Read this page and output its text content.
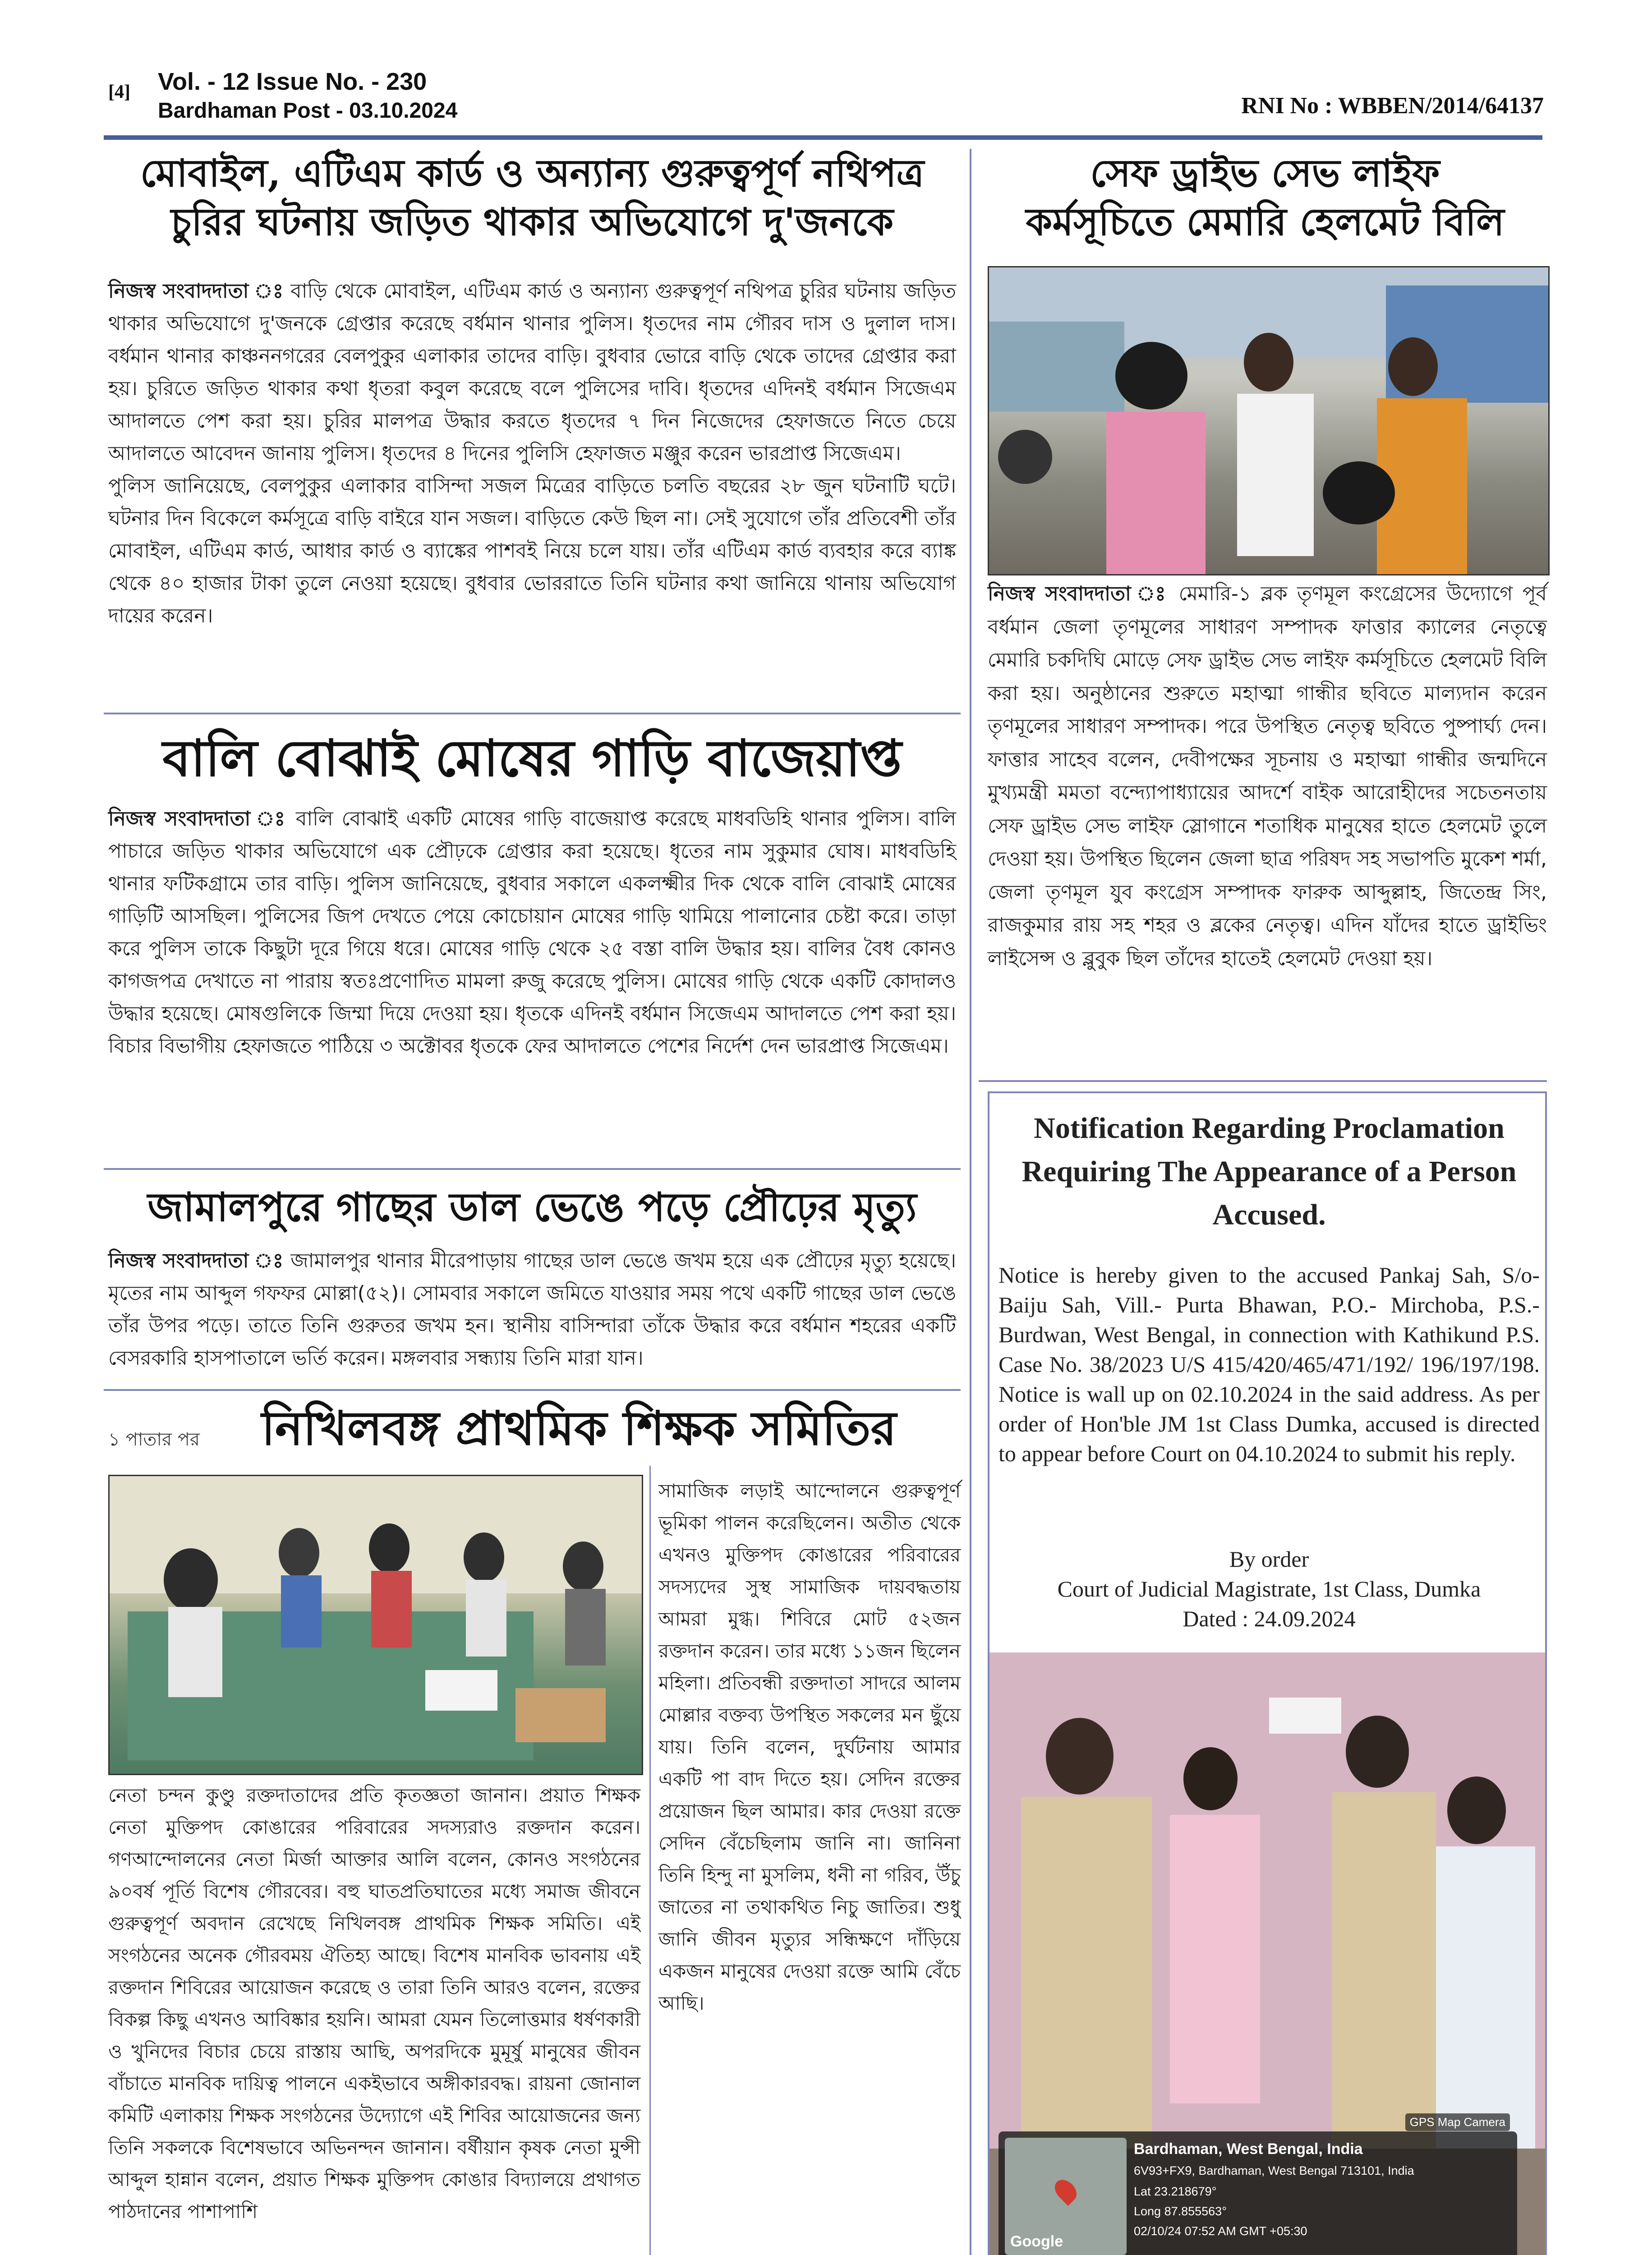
[4] Vol. - 12 Issue No. - 230
Bardhaman Post - 03.10.2024	RNI No : WBBEN/2014/64137
মোবাইল, এটিএম কার্ড ও অন্যান্য গুরুত্বপূর্ণ নথিপত্র
চুরির ঘটনায় জড়িত থাকার অভিযোগে দু'জনকে

নিজস্ব সংবাদদাতা ঃ বাড়ি থেকে মোবাইল, এটিএম কার্ড ও অন্যান্য গুরুত্বপূর্ণ নথিপত্র চুরির ঘটনায় জড়িত থাকার অভিযোগে দু'জনকে গ্রেপ্তার করেছে বর্ধমান থানার পুলিস। ধৃতদের নাম গৌরব দাস ও দুলাল দাস। বর্ধমান থানার কাঞ্চননগরের বেলপুকুর এলাকার তাদের বাড়ি। বুধবার ভোরে বাড়ি থেকে তাদের গ্রেপ্তার করা হয়। চুরিতে জড়িত থাকার কথা ধৃতরা কবুল করেছে বলে পুলিসের দাবি। ধৃতদের এদিনই বর্ধমান সিজেএম আদালতে পেশ করা হয়। চুরির মালপত্র উদ্ধার করতে ধৃতদের ৭ দিন নিজেদের হেফাজতে নিতে চেয়ে আদালতে আবেদন জানায় পুলিস। ধৃতদের ৪ দিনের পুলিসি হেফাজত মঞ্জুর করেন ভারপ্রাপ্ত সিজেএম।

পুলিস জানিয়েছে, বেলপুকুর এলাকার বাসিন্দা সজল মিত্রের বাড়িতে চলতি বছরের ২৮ জুন ঘটনাটি ঘটে। ঘটনার দিন বিকেলে কর্মসূত্রে বাড়ি বাইরে যান সজল। বাড়িতে কেউ ছিল না। সেই সুযোগে তাঁর প্রতিবেশী তাঁর মোবাইল, এটিএম কার্ড, আধার কার্ড ও ব্যাঙ্কের পাশবই নিয়ে চলে যায়। তাঁর এটিএম কার্ড ব্যবহার করে ব্যাঙ্ক থেকে ৪০ হাজার টাকা তুলে নেওয়া হয়েছে। বুধবার ভোররাতে তিনি ঘটনার কথা জানিয়ে থানায় অভিযোগ দায়ের করেন।

বালি বোঝাই মোষের গাড়ি বাজেয়াপ্ত

নিজস্ব সংবাদদাতা ঃ বালি বোঝাই একটি মোষের গাড়ি বাজেয়াপ্ত করেছে মাধবডিহি থানার পুলিস। বালি পাচারে জড়িত থাকার অভিযোগে এক প্রৌঢ়কে গ্রেপ্তার করা হয়েছে। ধৃতের নাম সুকুমার ঘোষ। মাধবডিহি থানার ফটিকগ্রামে তার বাড়ি। পুলিস জানিয়েছে, বুধবার সকালে একলক্ষ্মীর দিক থেকে বালি বোঝাই মোষের গাড়িটি আসছিল। পুলিসের জিপ দেখতে পেয়ে কোচোয়ান মোষের গাড়ি থামিয়ে পালানোর চেষ্টা করে। তাড়া করে পুলিস তাকে কিছুটা দূরে গিয়ে ধরে। মোষের গাড়ি থেকে ২৫ বস্তা বালি উদ্ধার হয়। বালির বৈধ কোনও কাগজপত্র দেখাতে না পারায় স্বতঃপ্রণোদিত মামলা রুজু করেছে পুলিস। মোষের গাড়ি থেকে একটি কোদালও উদ্ধার হয়েছে। মোষগুলিকে জিম্মা দিয়ে দেওয়া হয়। ধৃতকে এদিনই বর্ধমান সিজেএম আদালতে পেশ করা হয়। বিচার বিভাগীয় হেফাজতে পাঠিয়ে ৩ অক্টোবর ধৃতকে ফের আদালতে পেশের নির্দেশ দেন ভারপ্রাপ্ত সিজেএম।

জামালপুরে গাছের ডাল ভেঙে পড়ে প্রৌঢ়ের মৃত্যু

নিজস্ব সংবাদদাতা ঃ জামালপুর থানার মীরেপাড়ায় গাছের ডাল ভেঙে জখম হয়ে এক প্রৌঢ়ের মৃত্যু হয়েছে। মৃতের নাম আব্দুল গফফর মোল্লা(৫২)। সোমবার সকালে জমিতে যাওয়ার সময় পথে একটি গাছের ডাল ভেঙে তাঁর উপর পড়ে। তাতে তিনি গুরুতর জখম হন। স্থানীয় বাসিন্দারা তাঁকে উদ্ধার করে বর্ধমান শহরের একটি বেসরকারি হাসপাতালে ভর্তি করেন। মঙ্গলবার সন্ধ্যায় তিনি মারা যান।

১ পাতার পর নিখিলবঙ্গ প্রাথমিক শিক্ষক সমিতির
নেতা চন্দন কুণ্ডু রক্তদাতাদের প্রতি কৃতজ্ঞতা জানান। প্রয়াত শিক্ষক নেতা মুক্তিপদ কোঙারের পরিবারের সদস্যরাও রক্তদান করেন। গণআন্দোলনের নেতা মির্জা আক্তার আলি বলেন, কোনও সংগঠনের ৯০বর্ষ পূর্তি বিশেষ গৌরবের। বহু ঘাতপ্রতিঘাতের মধ্যে সমাজ জীবনে গুরুত্বপূর্ণ অবদান রেখেছে নিখিলবঙ্গ প্রাথমিক শিক্ষক সমিতি। এই সংগঠনের অনেক গৌরবময় ঐতিহ্য আছে। বিশেষ মানবিক ভাবনায় এই রক্তদান শিবিরের আয়োজন করেছে ও তারা তিনি আরও বলেন, রক্তের বিকল্প কিছু এখনও আবিষ্কার হয়নি। আমরা যেমন তিলোত্তমার ধর্ষণকারী ও খুনিদের বিচার চেয়ে রাস্তায় আছি, অপরদিকে মুমূর্ষু মানুষের জীবন বাঁচাতে মানবিক দায়িত্ব পালনে একইভাবে অঙ্গীকারবদ্ধ। রায়না জোনাল কমিটি এলাকায় শিক্ষক সংগঠনের উদ্যোগে এই শিবির আয়োজনের জন্য তিনি সকলকে বিশেষভাবে অভিনন্দন জানান। বর্ষীয়ান কৃষক নেতা মুন্সী আব্দুল হান্নান বলেন, প্রয়াত শিক্ষক মুক্তিপদ কোঙার বিদ্যালয়ে প্রথাগত পাঠদানের পাশাপাশি
সামাজিক লড়াই আন্দোলনে গুরুত্বপূর্ণ ভূমিকা পালন করেছিলেন। অতীত থেকে এখনও মুক্তিপদ কোঙারের পরিবারের সদস্যদের সুস্থ সামাজিক দায়বদ্ধতায় আমরা মুগ্ধ। শিবিরে মোট ৫২জন রক্তদান করেন। তার মধ্যে ১১জন ছিলেন মহিলা। প্রতিবন্ধী রক্তদাতা সাদরে আলম মোল্লার বক্তব্য উপস্থিত সকলের মন ছুঁয়ে যায়। তিনি বলেন, দুর্ঘটনায় আমার একটি পা বাদ দিতে হয়। সেদিন রক্তের প্রয়োজন ছিল আমার। কার দেওয়া রক্তে সেদিন বেঁচেছিলাম জানি না। জানিনা তিনি হিন্দু না মুসলিম, ধনী না গরিব, উঁচু জাতের না তথাকথিত নিচু জাতির। শুধু জানি জীবন মৃত্যুর সন্ধিক্ষণে দাঁড়িয়ে একজন মানুষের দেওয়া রক্তে আমি বেঁচে আছি।
সেফ ড্রাইভ সেভ লাইফ
কর্মসূচিতে মেমারি হেলমেট বিলি

নিজস্ব সংবাদদাতা ঃ মেমারি-১ ব্লক তৃণমূল কংগ্রেসের উদ্যোগে পূর্ব বর্ধমান জেলা তৃণমূলের সাধারণ সম্পাদক ফাত্তার ক্যালের নেতৃত্বে মেমারি চকদিঘি মোড়ে সেফ ড্রাইভ সেভ লাইফ কর্মসূচিতে হেলমেট বিলি করা হয়। অনুষ্ঠানের শুরুতে মহাত্মা গান্ধীর ছবিতে মাল্যদান করেন তৃণমূলের সাধারণ সম্পাদক। পরে উপস্থিত নেতৃত্ব ছবিতে পুষ্পার্ঘ্য দেন। ফাত্তার সাহেব বলেন, দেবীপক্ষের সূচনায় ও মহাত্মা গান্ধীর জন্মদিনে মুখ্যমন্ত্রী মমতা বন্দ্যোপাধ্যায়ের আদর্শে বাইক আরোহীদের সচেতনতায় সেফ ড্রাইভ সেভ লাইফ স্লোগানে শতাধিক মানুষের হাতে হেলমেট তুলে দেওয়া হয়। উপস্থিত ছিলেন জেলা ছাত্র পরিষদ সহ সভাপতি মুকেশ শর্মা, জেলা তৃণমূল যুব কংগ্রেস সম্পাদক ফারুক আব্দুল্লাহ, জিতেন্দ্র সিং, রাজকুমার রায় সহ শহর ও ব্লকের নেতৃত্ব। এদিন যাঁদের হাতে ড্রাইভিং লাইসেন্স ও ব্লুবুক ছিল তাঁদের হাতেই হেলমেট দেওয়া হয়।

Notification Regarding Proclamation Requiring The Appearance of a Person Accused.
Notice is hereby given to the accused Pankaj Sah, S/o- Baiju Sah, Vill.- Purta Bhawan, P.O.- Mirchoba, P.S.- Burdwan, West Bengal, in connection with Kathikund P.S. Case No. 38/2023 U/S 415/420/465/471/192/ 196/197/198. Notice is wall up on 02.10.2024 in the said address. As per order of Hon'ble JM 1st Class Dumka, accused is directed to appear before Court on 04.10.2024 to submit his reply.
By order
Court of Judicial Magistrate, 1st Class, Dumka
Dated : 24.09.2024
Google
GPS Map Camera
Bardhaman, West Bengal, India
6V93+FX9, Bardhaman, West Bengal 713101, India
Lat 23.218679°
Long 87.855563°
02/10/24 07:52 AM GMT +05:30
